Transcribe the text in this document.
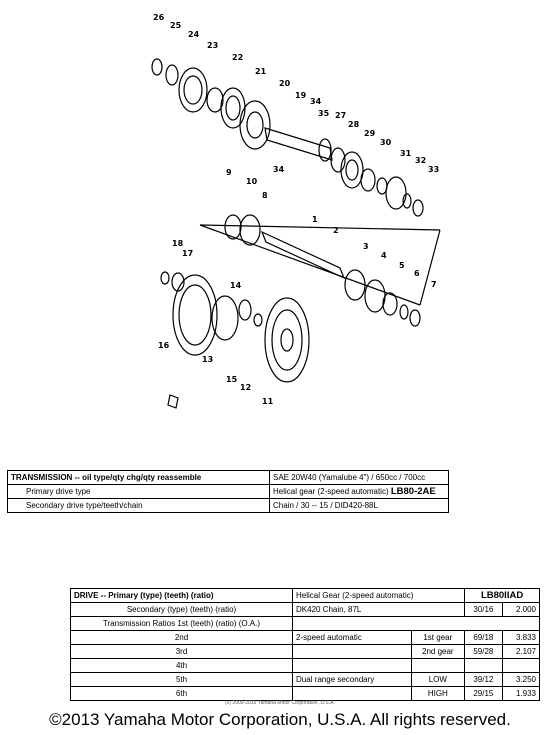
26
25
24
23
22
21
20
19
34
35 27
28
29
30
31
32
33
34
9
10
8
1
2
3
4
5
6
7
18
17
16
14
13
15
12
11
TRANSMISSION -- oil type/qty chg/qty reassemble	SAE 20W40 (Yamalube 4") / 650cc / 700cc
Primary drive type	Helical gear (2-speed automatic) LB80-2AE
Secondary drive type/teeth/chain	Chain / 30 -- 15 / DID420-88L
DRIVE -- Primary (type) (teeth) (ratio)	Helical Gear (2-speed automatic)		LB80IIAD	
Secondary (type) (teeth) (ratio)	DK420 Chain, 87L		30/16	2.000
Transmission Ratios 1st (teeth) (ratio) (O.A.)				
2nd	2-speed automatic	1st gear	69/18	3.833
3rd		2nd gear	59/28	2.107
4th				
5th	Dual range secondary	LOW	39/12	3.250
6th		HIGH	29/15	1.933
(c) 2005-2015 Yamaha Motor Corporation, U.S.A.
©2013 Yamaha Motor Corporation, U.S.A. All rights reserved.
